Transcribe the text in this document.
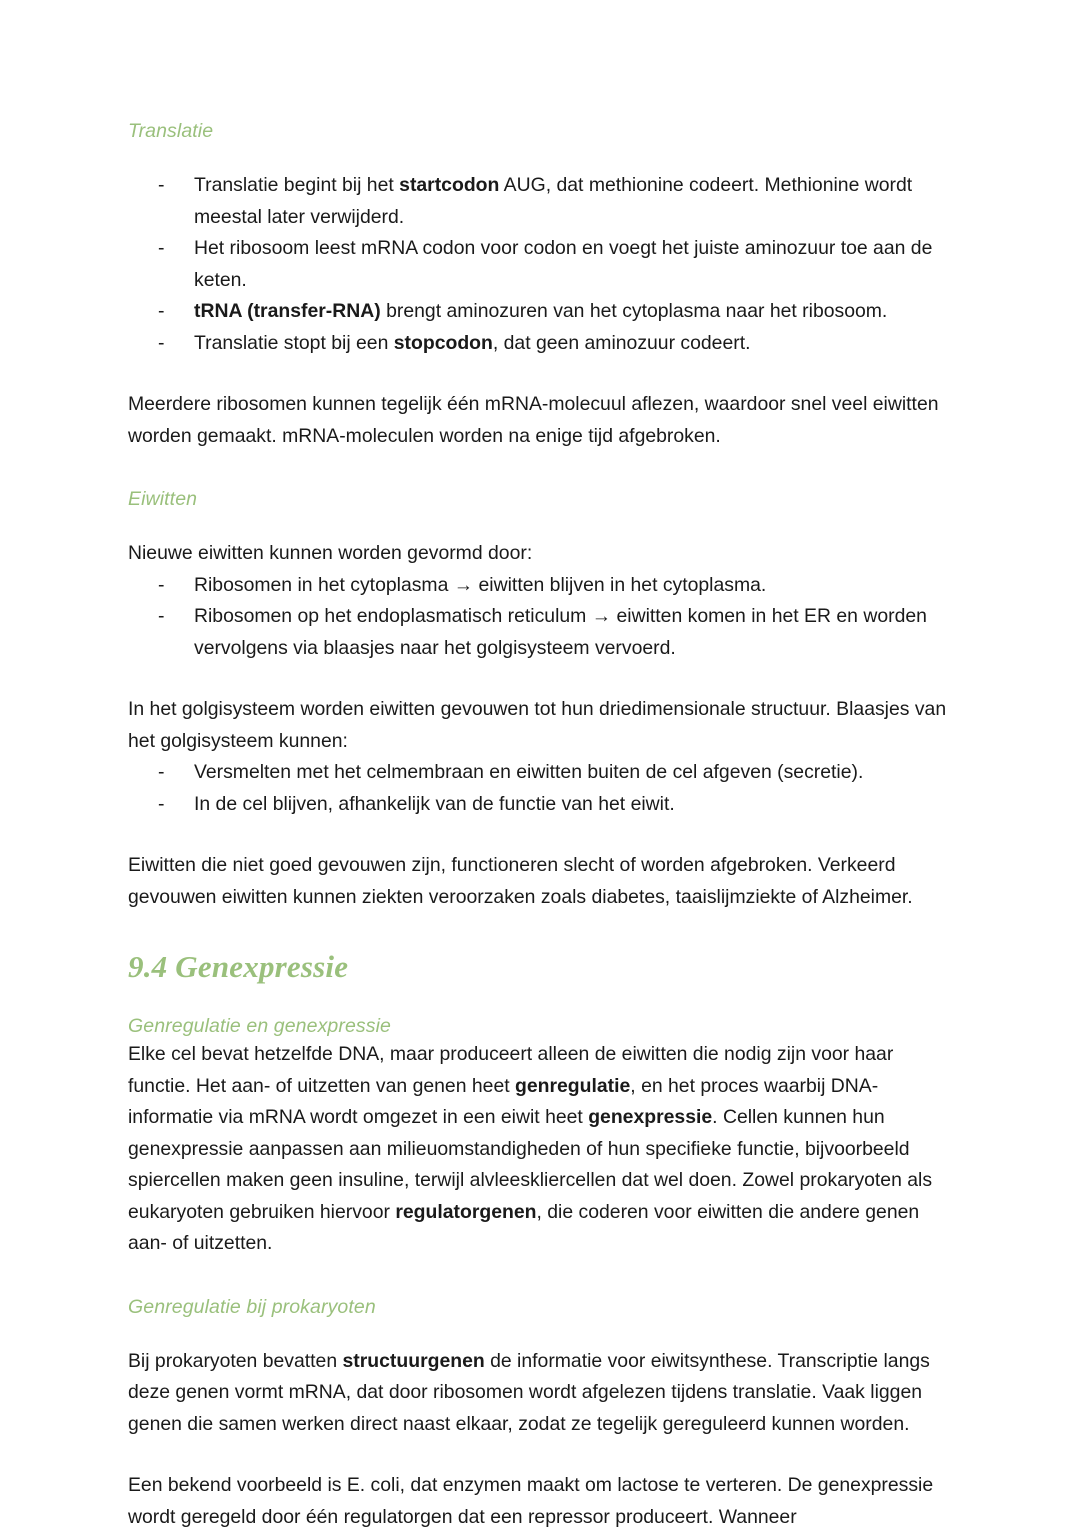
Translatie
- Translatie begint bij het startcodon AUG, dat methionine codeert. Methionine wordt meestal later verwijderd.
- Het ribosoom leest mRNA codon voor codon en voegt het juiste aminozuur toe aan de keten.
- tRNA (transfer-RNA) brengt aminozuren van het cytoplasma naar het ribosoom.
- Translatie stopt bij een stopcodon, dat geen aminozuur codeert.

Meerdere ribosomen kunnen tegelijk één mRNA-molecuul aflezen, waardoor snel veel eiwitten worden gemaakt. mRNA-moleculen worden na enige tijd afgebroken.

Eiwitten

Nieuwe eiwitten kunnen worden gevormd door:

- Ribosomen in het cytoplasma → eiwitten blijven in het cytoplasma.
- Ribosomen op het endoplasmatisch reticulum → eiwitten komen in het ER en worden vervolgens via blaasjes naar het golgisysteem vervoerd.

In het golgisysteem worden eiwitten gevouwen tot hun driedimensionale structuur. Blaasjes van het golgisysteem kunnen:

- Versmelten met het celmembraan en eiwitten buiten de cel afgeven (secretie).
- In de cel blijven, afhankelijk van de functie van het eiwit.

Eiwitten die niet goed gevouwen zijn, functioneren slecht of worden afgebroken. Verkeerd gevouwen eiwitten kunnen ziekten veroorzaken zoals diabetes, taaislijmziekte of Alzheimer.

9.4 Genexpressie
Genregulatie en genexpressie

Elke cel bevat hetzelfde DNA, maar produceert alleen de eiwitten die nodig zijn voor haar functie. Het aan- of uitzetten van genen heet genregulatie, en het proces waarbij DNA-informatie via mRNA wordt omgezet in een eiwit heet genexpressie. Cellen kunnen hun genexpressie aanpassen aan milieuomstandigheden of hun specifieke functie, bijvoorbeeld spiercellen maken geen insuline, terwijl alvleeskliercellen dat wel doen. Zowel prokaryoten als eukaryoten gebruiken hiervoor regulatorgenen, die coderen voor eiwitten die andere genen aan- of uitzetten.

Genregulatie bij prokaryoten

Bij prokaryoten bevatten structuurgenen de informatie voor eiwitsynthese. Transcriptie langs deze genen vormt mRNA, dat door ribosomen wordt afgelezen tijdens translatie. Vaak liggen genen die samen werken direct naast elkaar, zodat ze tegelijk gereguleerd kunnen worden.

Een bekend voorbeeld is E. coli, dat enzymen maakt om lactose te verteren. De genexpressie wordt geregeld door één regulatorgen dat een repressor produceert. Wanneer
